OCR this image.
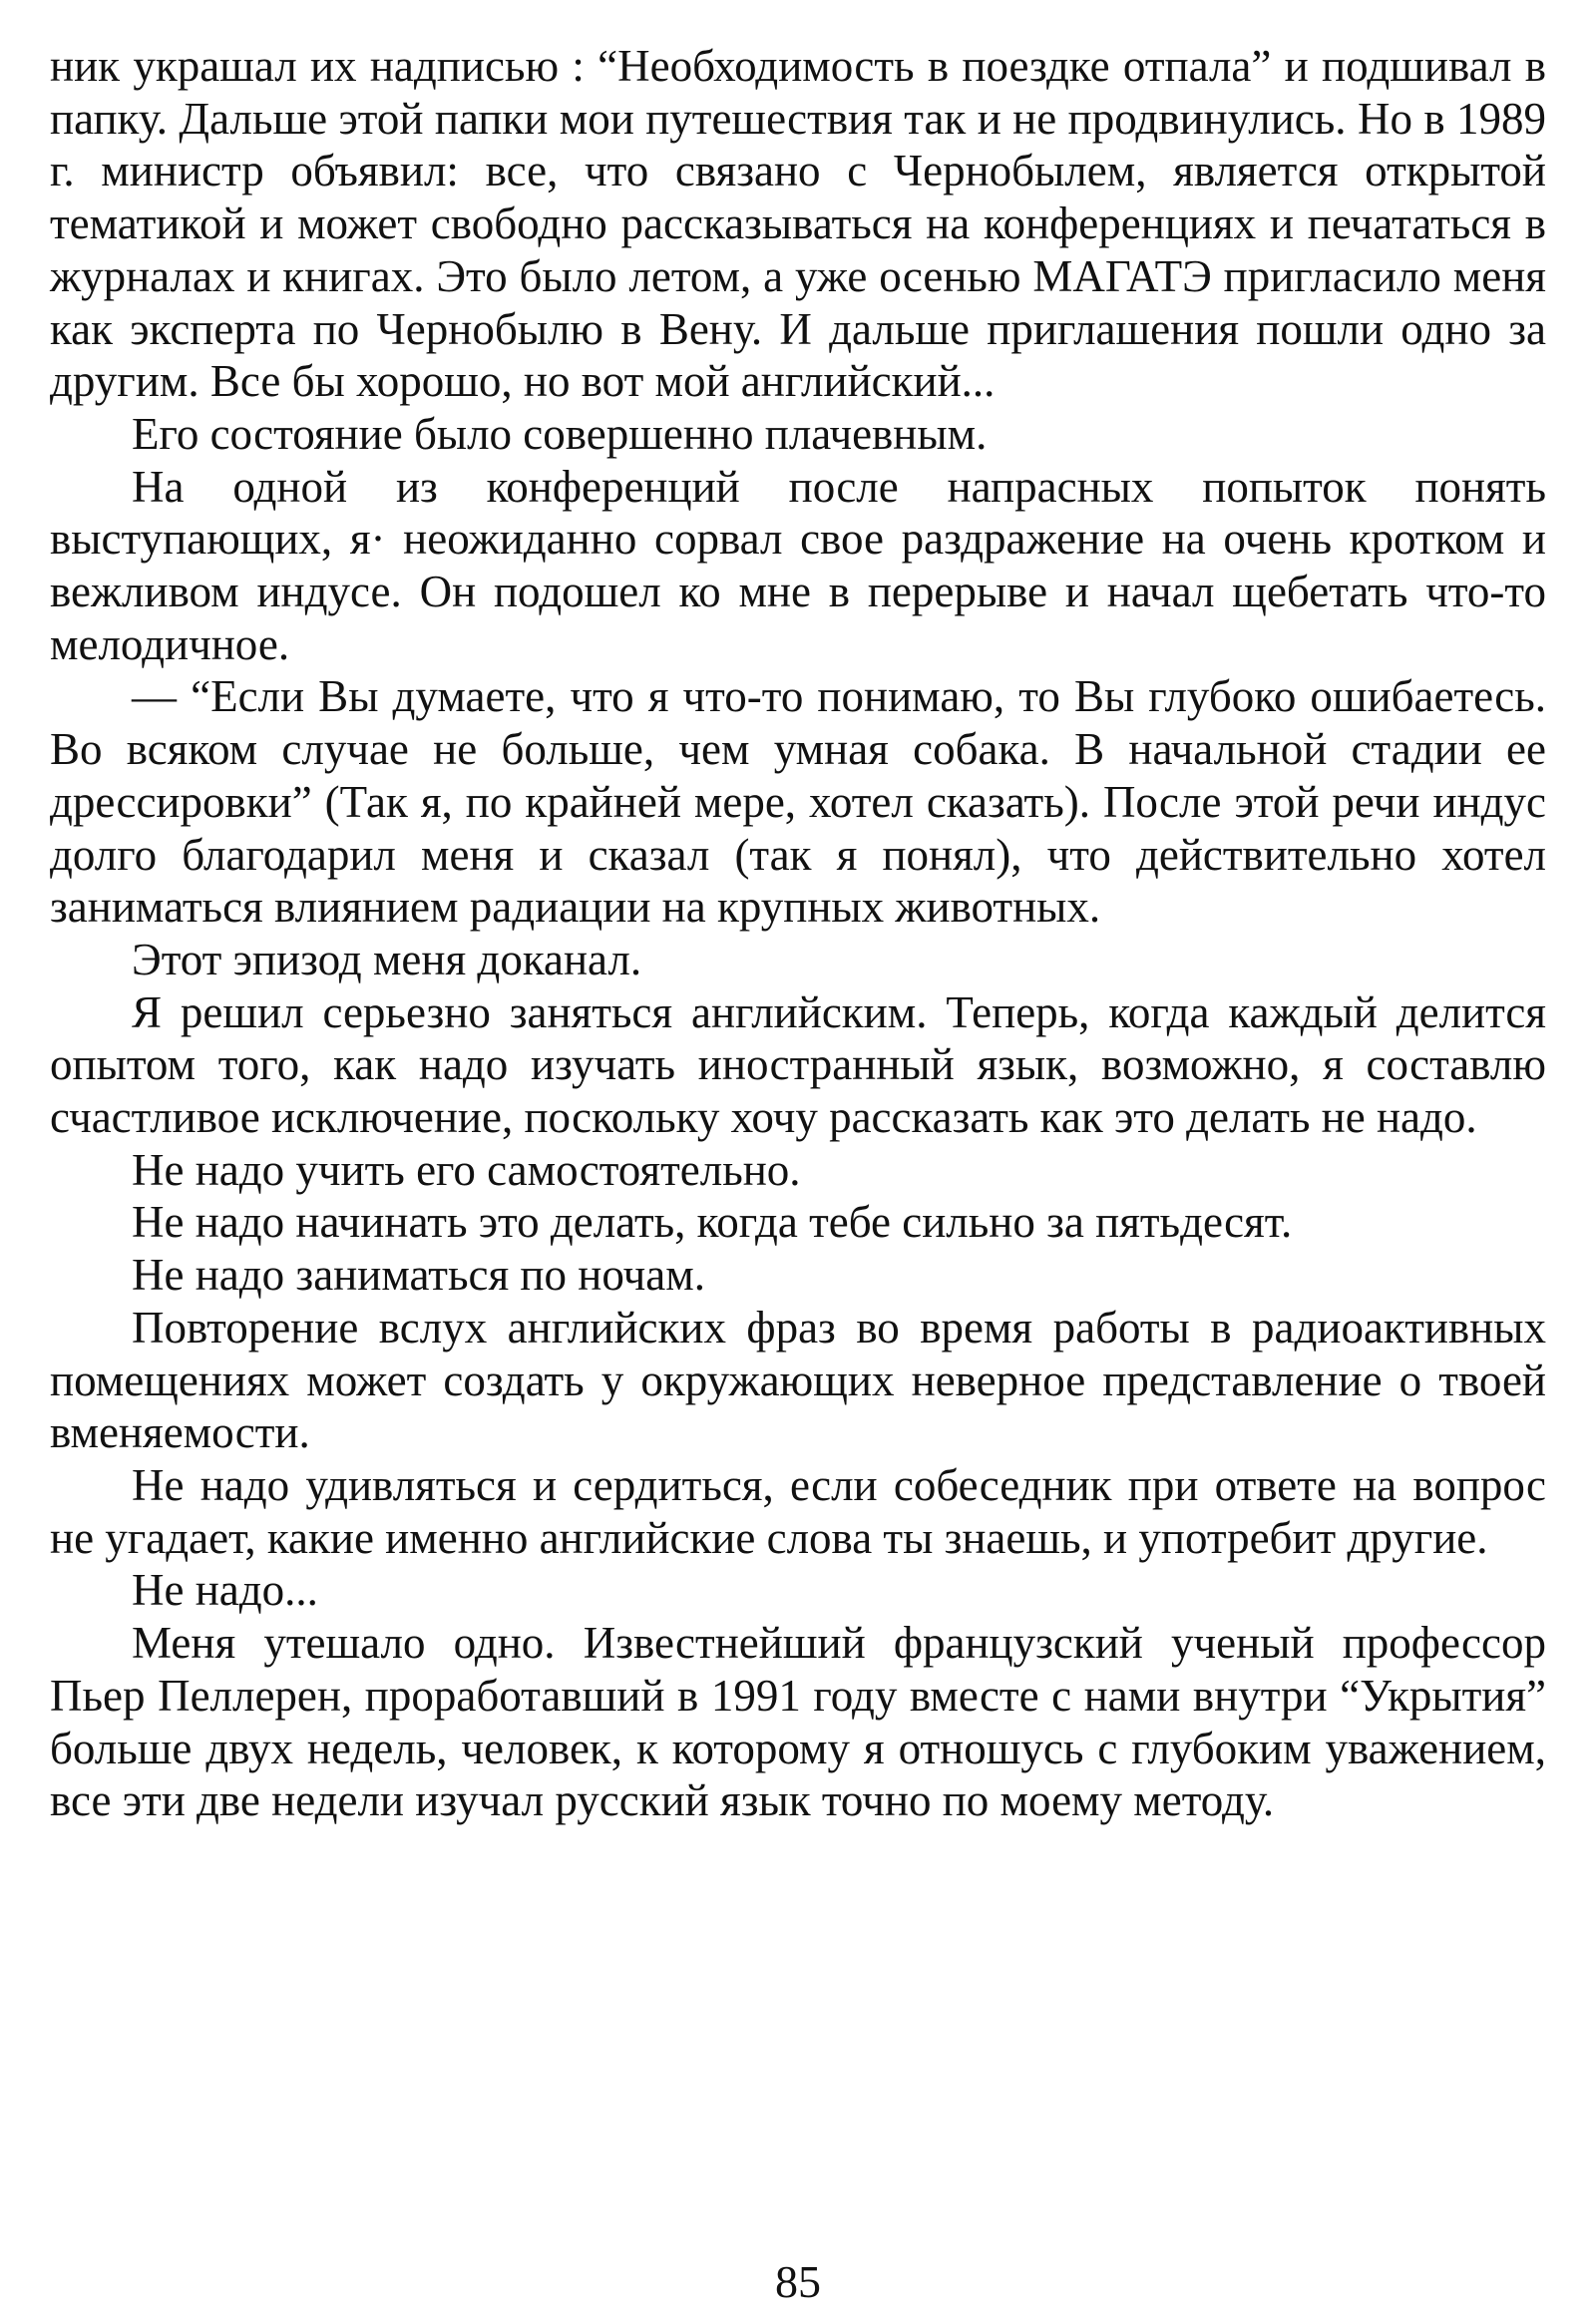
ник украшал их надписью : “Необходимость в поездке отпала” и подшивал в папку. Дальше этой папки мои путешествия так и не продвинулись. Но в 1989 г. министр объявил: все, что связано с Чернобылем, является открытой тематикой и может свободно рассказываться на конференциях и печататься в журналах и книгах. Это было летом, а уже осенью МАГАТЭ пригласило меня как эксперта по Чернобылю в Вену. И дальше приглашения пошли одно за другим. Все бы хорошо, но вот мой английский...

Его состояние было совершенно плачевным.

На одной из конференций после напрасных попыток понять выступающих, я· неожиданно сорвал свое раздражение на очень кротком и вежливом индусе. Он подошел ко мне в перерыве и начал щебетать что-то мелодичное.

— “Если Вы думаете, что я что-то понимаю, то Вы глубоко ошибаетесь. Во всяком случае не больше, чем умная собака. В начальной стадии ее дрессировки” (Так я, по крайней мере, хотел сказать). После этой речи индус долго благодарил меня и сказал (так я понял), что действительно хотел заниматься влиянием радиации на крупных животных.

Этот эпизод меня доканал.

Я решил серьезно заняться английским. Теперь, когда каждый делится опытом того, как надо изучать иностранный язык, возможно, я составлю счастливое исключение, поскольку хочу рассказать как это делать не надо.

Не надо учить его самостоятельно.

Не надо начинать это делать, когда тебе сильно за пятьдесят.

Не надо заниматься по ночам.

Повторение вслух английских фраз во время работы в радиоактивных помещениях может создать у окружающих неверное представление о твоей вменяемости.

Не надо удивляться и сердиться, если собеседник при ответе на вопрос не угадает, какие именно английские слова ты знаешь, и употребит другие.

Не надо...

Меня утешало одно. Известнейший французский ученый профессор Пьер Пеллерен, проработавший в 1991 году вместе с нами внутри “Укрытия” больше двух недель, человек, к которому я отношусь с глубоким уважением, все эти две недели изучал русский язык точно по моему методу.

85
